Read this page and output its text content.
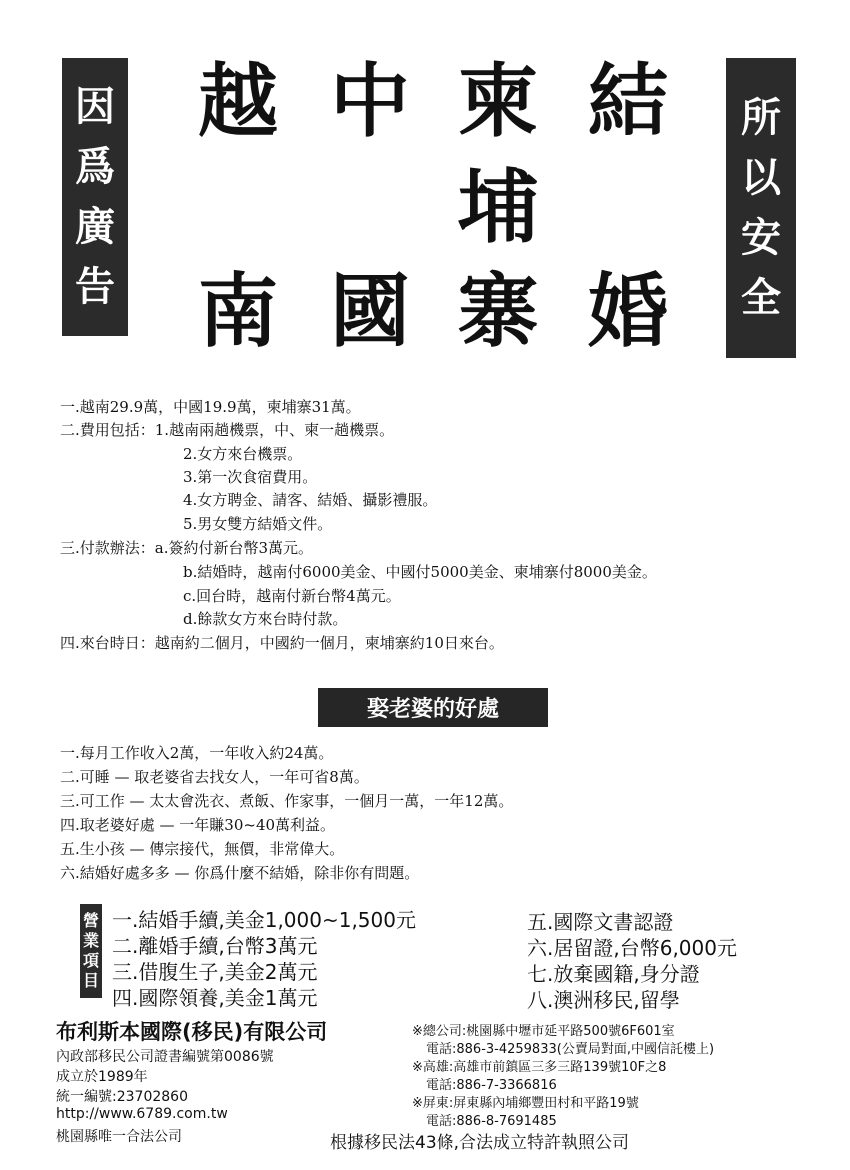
因
爲
廣
告
所
以
安
全
越 中 柬 結
埔
南 國 寨 婚
一.越南29.9萬，中國19.9萬，柬埔寨31萬。
二.費用包括：1.越南兩趟機票，中、柬一趟機票。
2.女方來台機票。
3.第一次食宿費用。
4.女方聘金、請客、結婚、攝影禮服。
5.男女雙方結婚文件。
三.付款辦法：a.簽約付新台幣3萬元。
b.結婚時，越南付6000美金、中國付5000美金、柬埔寨付8000美金。
c.回台時，越南付新台幣4萬元。
d.餘款女方來台時付款。
四.來台時日：越南約二個月，中國約一個月，柬埔寨約10日來台。
娶老婆的好處
一.每月工作收入2萬，一年收入約24萬。
二.可睡 — 取老婆省去找女人，一年可省8萬。
三.可工作 — 太太會洗衣、煮飯、作家事，一個月一萬，一年12萬。
四.取老婆好處 — 一年賺30~40萬利益。
五.生小孩 — 傳宗接代，無價，非常偉大。
六.結婚好處多多 — 你爲什麼不結婚，除非你有問題。
營
業
項
目
一.結婚手續,美金1,000~1,500元
二.離婚手續,台幣3萬元
三.借腹生子,美金2萬元
四.國際領養,美金1萬元
五.國際文書認證
六.居留證,台幣6,000元
七.放棄國籍,身分證
八.澳洲移民,留學
布利斯本國際(移民)有限公司
內政部移民公司證書編號第0086號
成立於1989年
統一編號:23702860
http://www.6789.com.tw
桃園縣唯一合法公司
※總公司:桃園縣中壢市延平路500號6F601室
電話:886-3-4259833(公賣局對面,中國信託樓上)
※高雄:高雄市前鎮區三多三路139號10F之8
電話:886-7-3366816
※屏東:屏東縣內埔鄉豐田村和平路19號
電話:886-8-7691485
根據移民法43條,合法成立特許執照公司
